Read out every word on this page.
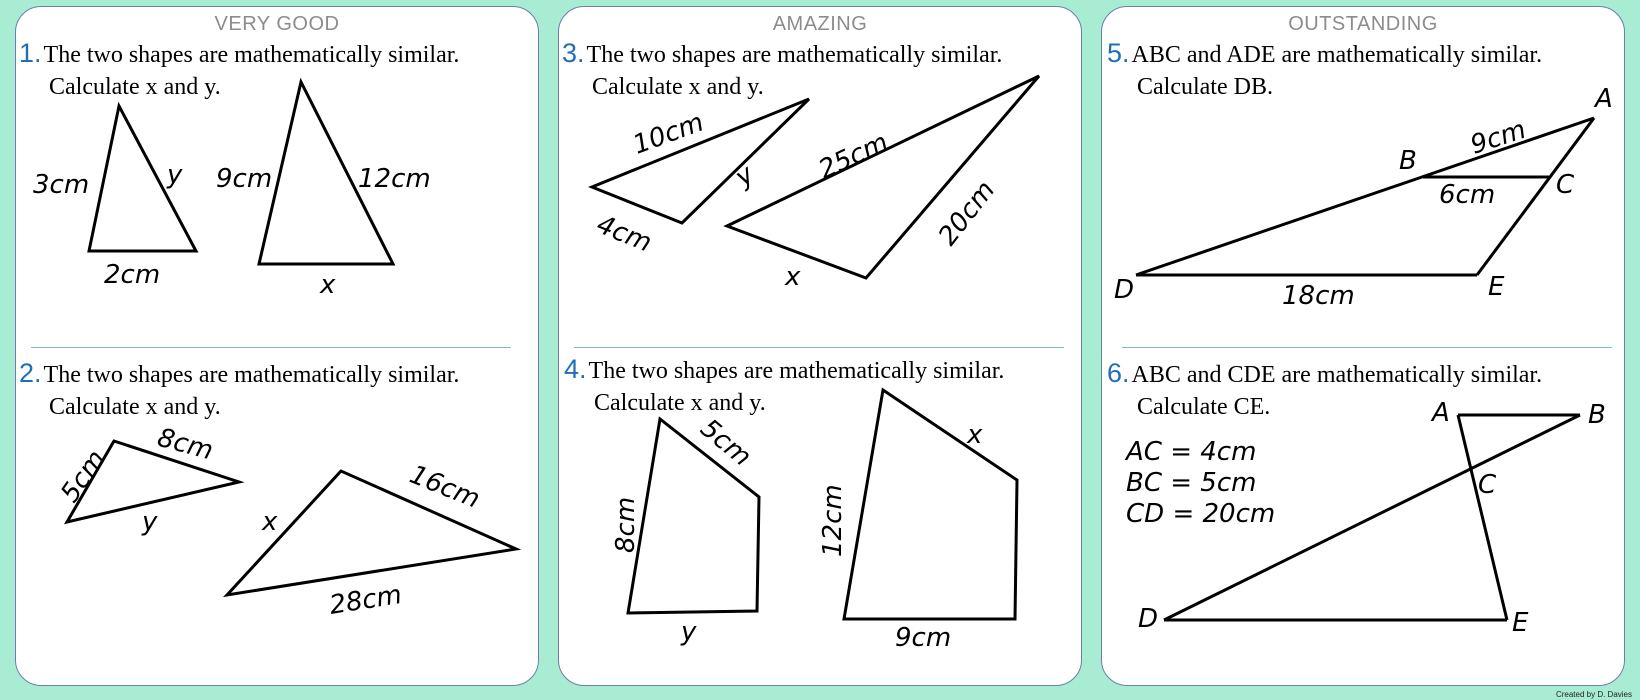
VERY GOOD
1.The two shapes are mathematically similar.
Calculate x and y.
3cm	y
2cm
9cm	12cm
x
2.The two shapes are mathematically similar.
Calculate x and y.
5cm
8cm
y	x
16cm
28cm
AMAZING
3.The two shapes are mathematically similar.
Calculate x and y.
10cm
y
4cm
25cm
20cm
x
4.The two shapes are mathematically similar.
Calculate x and y.
5cm
8cm
y
x
12cm
9cm
OUTSTANDING
5.ABC and ADE are mathematically similar.
Calculate DB.	A
B
C
D	E
9cm
6cm
18cm
6.ABC and CDE are mathematically similar.
Calculate CE.
AC = 4cm
BC = 5cm
CD = 20cm
A	B
C
D	E
Created by D. Davies
